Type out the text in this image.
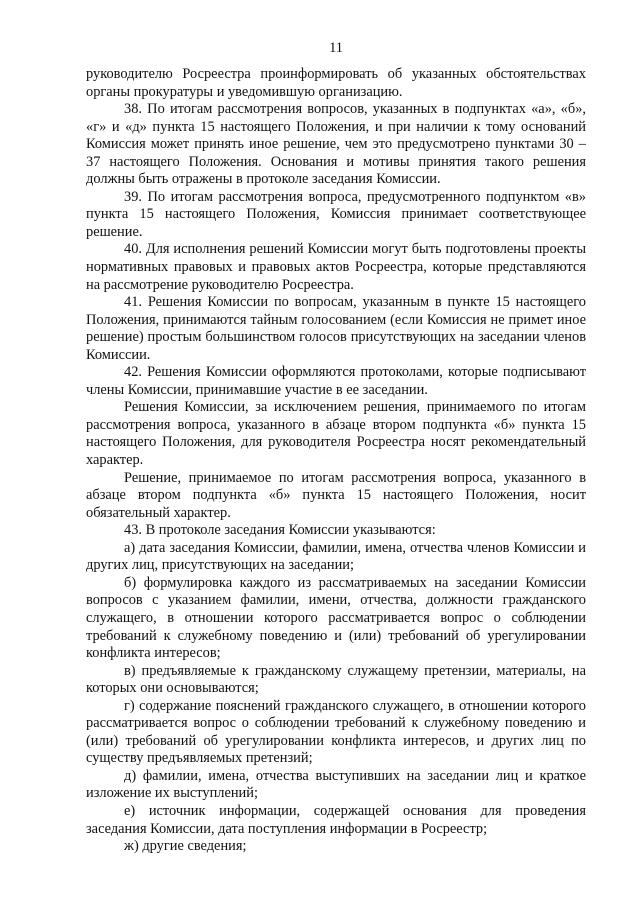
11

руководителю Росреестра проинформировать об указанных обстоятельствах органы прокуратуры и уведомившую организацию.

38. По итогам рассмотрения вопросов, указанных в подпунктах «а», «б», «г» и «д» пункта 15 настоящего Положения, и при наличии к тому оснований Комиссия может принять иное решение, чем это предусмотрено пунктами 30 – 37 настоящего Положения. Основания и мотивы принятия такого решения должны быть отражены в протоколе заседания Комиссии.

39. По итогам рассмотрения вопроса, предусмотренного подпунктом «в» пункта 15 настоящего Положения, Комиссия принимает соответствующее решение.

40. Для исполнения решений Комиссии могут быть подготовлены проекты нормативных правовых и правовых актов Росреестра, которые представляются на рассмотрение руководителю Росреестра.

41. Решения Комиссии по вопросам, указанным в пункте 15 настоящего Положения, принимаются тайным голосованием (если Комиссия не примет иное решение) простым большинством голосов присутствующих на заседании членов Комиссии.

42. Решения Комиссии оформляются протоколами, которые подписывают члены Комиссии, принимавшие участие в ее заседании.

Решения Комиссии, за исключением решения, принимаемого по итогам рассмотрения вопроса, указанного в абзаце втором подпункта «б» пункта 15 настоящего Положения, для руководителя Росреестра носят рекомендательный характер.

Решение, принимаемое по итогам рассмотрения вопроса, указанного в абзаце втором подпункта «б» пункта 15 настоящего Положения, носит обязательный характер.

43. В протоколе заседания Комиссии указываются:

а) дата заседания Комиссии, фамилии, имена, отчества членов Комиссии и других лиц, присутствующих на заседании;

б) формулировка каждого из рассматриваемых на заседании Комиссии вопросов с указанием фамилии, имени, отчества, должности гражданского служащего, в отношении которого рассматривается вопрос о соблюдении требований к служебному поведению и (или) требований об урегулировании конфликта интересов;

в) предъявляемые к гражданскому служащему претензии, материалы, на которых они основываются;

г) содержание пояснений гражданского служащего, в отношении которого рассматривается вопрос о соблюдении требований к служебному поведению и (или) требований об урегулировании конфликта интересов, и других лиц по существу предъявляемых претензий;

д) фамилии, имена, отчества выступивших на заседании лиц и краткое изложение их выступлений;

е) источник информации, содержащей основания для проведения заседания Комиссии, дата поступления информации в Росреестр;

ж) другие сведения;
